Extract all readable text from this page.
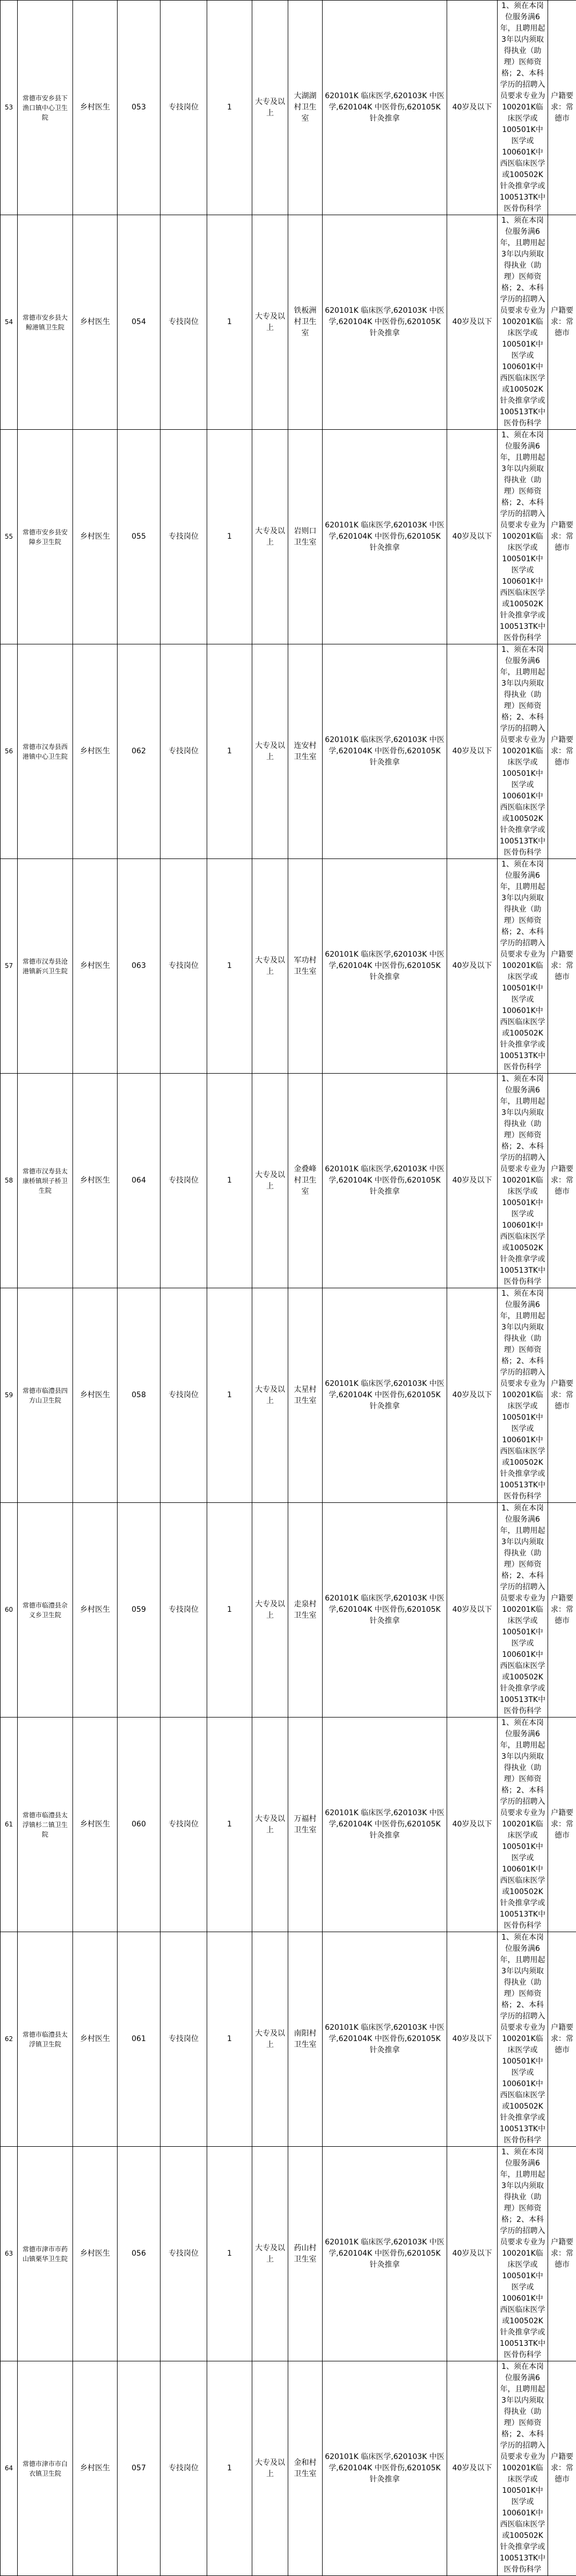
53	常德市安乡县下渔口镇中心卫生院	乡村医生	053	专技岗位	1	大专及以上	大湖湖村卫生室	620101K 临床医学,620103K 中医学,620104K 中医骨伤,620105K 针灸推拿	40岁及以下	1、须在本岗位服务满6年，且聘用起3年以内须取得执业（助理）医师资格；2、本科学历的招聘入员要求专业为100201K临床医学或100501K中医学或100601K中西医临床医学或100502K针灸推拿学或100513TK中医骨伤科学	户籍要求：常德市
54	常德市安乡县大鲸港镇卫生院	乡村医生	054	专技岗位	1	大专及以上	铁板洲村卫生室	620101K 临床医学,620103K 中医学,620104K 中医骨伤,620105K 针灸推拿	40岁及以下	1、须在本岗位服务满6年，且聘用起3年以内须取得执业（助理）医师资格；2、本科学历的招聘入员要求专业为100201K临床医学或100501K中医学或100601K中西医临床医学或100502K针灸推拿学或100513TK中医骨伤科学	户籍要求：常德市
55	常德市安乡县安障乡卫生院	乡村医生	055	专技岗位	1	大专及以上	岩则口卫生室	620101K 临床医学,620103K 中医学,620104K 中医骨伤,620105K 针灸推拿	40岁及以下	1、须在本岗位服务满6年，且聘用起3年以内须取得执业（助理）医师资格；2、本科学历的招聘入员要求专业为100201K临床医学或100501K中医学或100601K中西医临床医学或100502K针灸推拿学或100513TK中医骨伤科学	户籍要求：常德市
56	常德市汉寿县西港镇中心卫生院	乡村医生	062	专技岗位	1	大专及以上	连安村卫生室	620101K 临床医学,620103K 中医学,620104K 中医骨伤,620105K 针灸推拿	40岁及以下	1、须在本岗位服务满6年，且聘用起3年以内须取得执业（助理）医师资格；2、本科学历的招聘入员要求专业为100201K临床医学或100501K中医学或100601K中西医临床医学或100502K针灸推拿学或100513TK中医骨伤科学	户籍要求：常德市
57	常德市汉寿县沧港镇新兴卫生院	乡村医生	063	专技岗位	1	大专及以上	军功村卫生室	620101K 临床医学,620103K 中医学,620104K 中医骨伤,620105K 针灸推拿	40岁及以下	1、须在本岗位服务满6年，且聘用起3年以内须取得执业（助理）医师资格；2、本科学历的招聘入员要求专业为100201K临床医学或100501K中医学或100601K中西医临床医学或100502K针灸推拿学或100513TK中医骨伤科学	户籍要求：常德市
58	常德市汉寿县太康桥镇坝子桥卫生院	乡村医生	064	专技岗位	1	大专及以上	金叠峰村卫生室	620101K 临床医学,620103K 中医学,620104K 中医骨伤,620105K 针灸推拿	40岁及以下	1、须在本岗位服务满6年，且聘用起3年以内须取得执业（助理）医师资格；2、本科学历的招聘入员要求专业为100201K临床医学或100501K中医学或100601K中西医临床医学或100502K针灸推拿学或100513TK中医骨伤科学	户籍要求：常德市
59	常德市临澧县四方山卫生院	乡村医生	058	专技岗位	1	大专及以上	太星村卫生室	620101K 临床医学,620103K 中医学,620104K 中医骨伤,620105K 针灸推拿	40岁及以下	1、须在本岗位服务满6年，且聘用起3年以内须取得执业（助理）医师资格；2、本科学历的招聘入员要求专业为100201K临床医学或100501K中医学或100601K中西医临床医学或100502K针灸推拿学或100513TK中医骨伤科学	户籍要求：常德市
60	常德市临澧县佘义乡卫生院	乡村医生	059	专技岗位	1	大专及以上	走泉村卫生室	620101K 临床医学,620103K 中医学,620104K 中医骨伤,620105K 针灸推拿	40岁及以下	1、须在本岗位服务满6年，且聘用起3年以内须取得执业（助理）医师资格；2、本科学历的招聘入员要求专业为100201K临床医学或100501K中医学或100601K中西医临床医学或100502K针灸推拿学或100513TK中医骨伤科学	户籍要求：常德市
61	常德市临澧县太浮镇杉二镇卫生院	乡村医生	060	专技岗位	1	大专及以上	万福村卫生室	620101K 临床医学,620103K 中医学,620104K 中医骨伤,620105K 针灸推拿	40岁及以下	1、须在本岗位服务满6年，且聘用起3年以内须取得执业（助理）医师资格；2、本科学历的招聘入员要求专业为100201K临床医学或100501K中医学或100601K中西医临床医学或100502K针灸推拿学或100513TK中医骨伤科学	户籍要求：常德市
62	常德市临澧县太浮镇卫生院	乡村医生	061	专技岗位	1	大专及以上	南阳村卫生室	620101K 临床医学,620103K 中医学,620104K 中医骨伤,620105K 针灸推拿	40岁及以下	1、须在本岗位服务满6年，且聘用起3年以内须取得执业（助理）医师资格；2、本科学历的招聘入员要求专业为100201K临床医学或100501K中医学或100601K中西医临床医学或100502K针灸推拿学或100513TK中医骨伤科学	户籍要求：常德市
63	常德市津市市药山镇栗华卫生院	乡村医生	056	专技岗位	1	大专及以上	药山村卫生室	620101K 临床医学,620103K 中医学,620104K 中医骨伤,620105K 针灸推拿	40岁及以下	1、须在本岗位服务满6年，且聘用起3年以内须取得执业（助理）医师资格；2、本科学历的招聘入员要求专业为100201K临床医学或100501K中医学或100601K中西医临床医学或100502K针灸推拿学或100513TK中医骨伤科学	户籍要求：常德市
64	常德市津市市白衣镇卫生院	乡村医生	057	专技岗位	1	大专及以上	金和村卫生室	620101K 临床医学,620103K 中医学,620104K 中医骨伤,620105K 针灸推拿	40岁及以下	1、须在本岗位服务满6年，且聘用起3年以内须取得执业（助理）医师资格；2、本科学历的招聘入员要求专业为100201K临床医学或100501K中医学或100601K中西医临床医学或100502K针灸推拿学或100513TK中医骨伤科学	户籍要求：常德市
